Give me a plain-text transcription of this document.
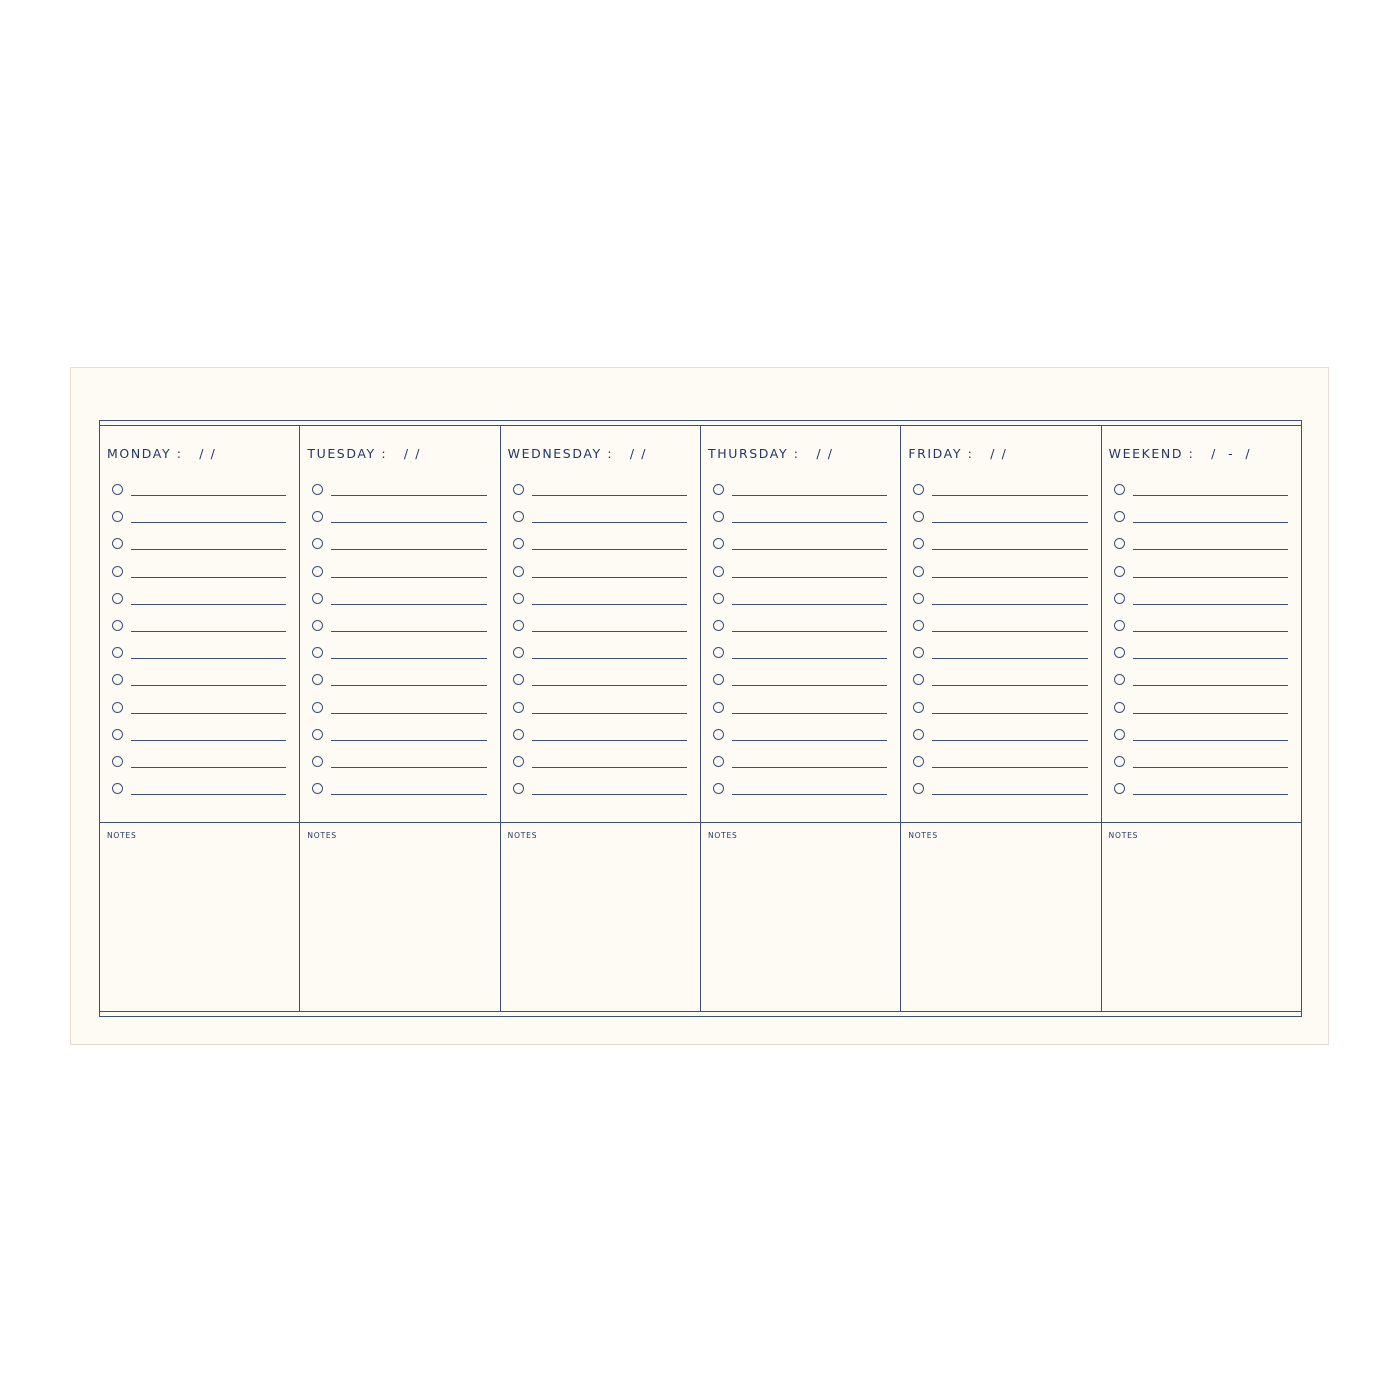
MONDAY :   / /
NOTES
TUESDAY :   / /
NOTES
WEDNESDAY :   / /
NOTES
THURSDAY :   / /
NOTES
FRIDAY :   / /
NOTES
WEEKEND :   /  -  /
NOTES
